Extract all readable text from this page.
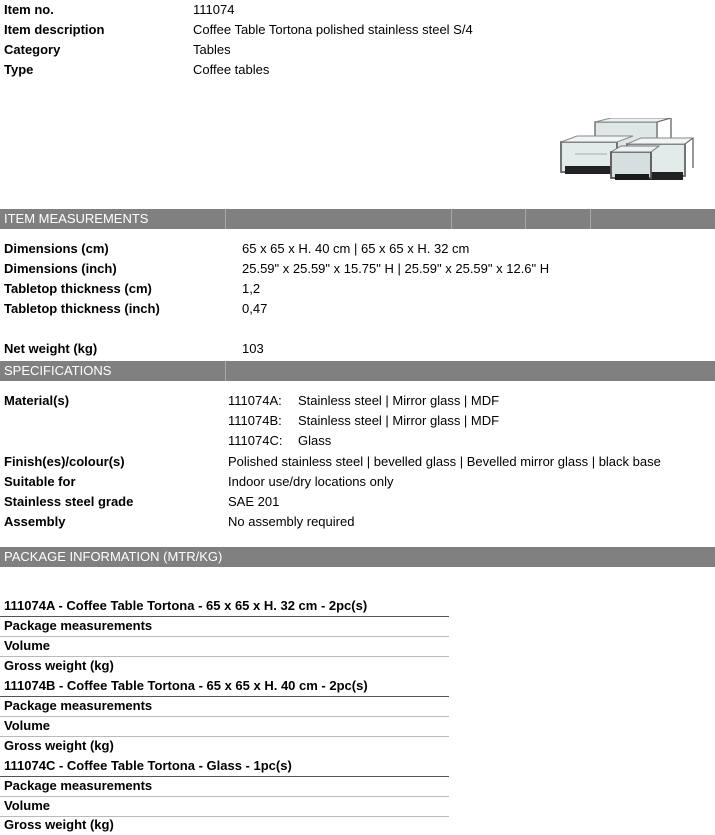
Item no.	111074
Item description	Coffee Table Tortona polished stainless steel S/4
Category	Tables
Type	Coffee tables
ITEM MEASUREMENTS
Dimensions (cm)	65 x 65 x H. 40 cm | 65 x 65 x H. 32 cm
Dimensions (inch)	25.59" x 25.59" x 15.75" H | 25.59" x 25.59" x 12.6" H
Tabletop thickness (cm)	1,2
Tabletop thickness (inch)	0,47
Net weight (kg)	103
SPECIFICATIONS
Material(s)	111074A: Stainless steel | Mirror glass | MDF
111074B: Stainless steel | Mirror glass | MDF
111074C: Glass
Finish(es)/colour(s)	Polished stainless steel | bevelled glass | Bevelled mirror glass | black base
Suitable for	Indoor use/dry locations only
Stainless steel grade	SAE 201
Assembly	No assembly required
PACKAGE INFORMATION (MTR/KG)
111074A - Coffee Table Tortona - 65 x 65 x H. 32 cm - 2pc(s)
Package measurements
Volume
Gross weight (kg)
111074B - Coffee Table Tortona - 65 x 65 x H. 40 cm - 2pc(s)
Package measurements
Volume
Gross weight (kg)
111074C - Coffee Table Tortona - Glass - 1pc(s)
Package measurements
Volume
Gross weight (kg)
